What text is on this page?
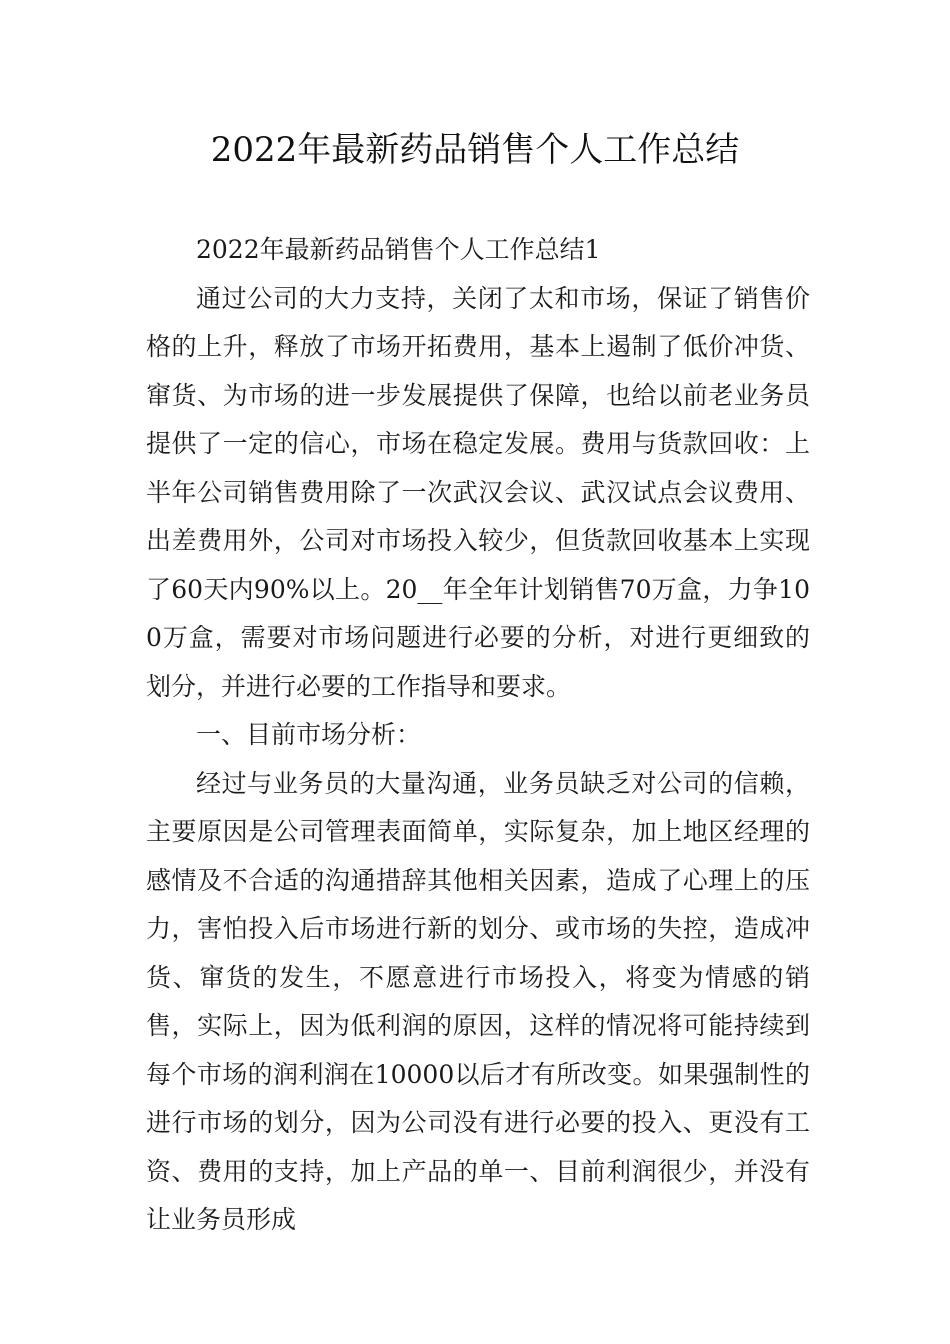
2022年最新药品销售个人工作总结

2022年最新药品销售个人工作总结1

通过公司的大力支持，关闭了太和市场，保证了销售价格的上升，释放了市场开拓费用，基本上遏制了低价冲货、窜货、为市场的进一步发展提供了保障，也给以前老业务员提供了一定的信心，市场在稳定发展。费用与货款回收：上半年公司销售费用除了一次武汉会议、武汉试点会议费用、出差费用外，公司对市场投入较少，但货款回收基本上实现了60天内90%以上。20__年全年计划销售70万盒，力争100万盒，需要对市场问题进行必要的分析，对进行更细致的划分，并进行必要的工作指导和要求。

一、目前市场分析：

经过与业务员的大量沟通，业务员缺乏对公司的信赖，主要原因是公司管理表面简单，实际复杂，加上地区经理的感情及不合适的沟通措辞其他相关因素，造成了心理上的压力，害怕投入后市场进行新的划分、或市场的失控，造成冲货、窜货的发生，不愿意进行市场投入，将变为情感的销售，实际上，因为低利润的原因，这样的情况将可能持续到每个市场的润利润在10000以后才有所改变。如果强制性的进行市场的划分，因为公司没有进行必要的投入、更没有工资、费用的支持，加上产品的单一、目前利润很少，并没有让业务员形成
